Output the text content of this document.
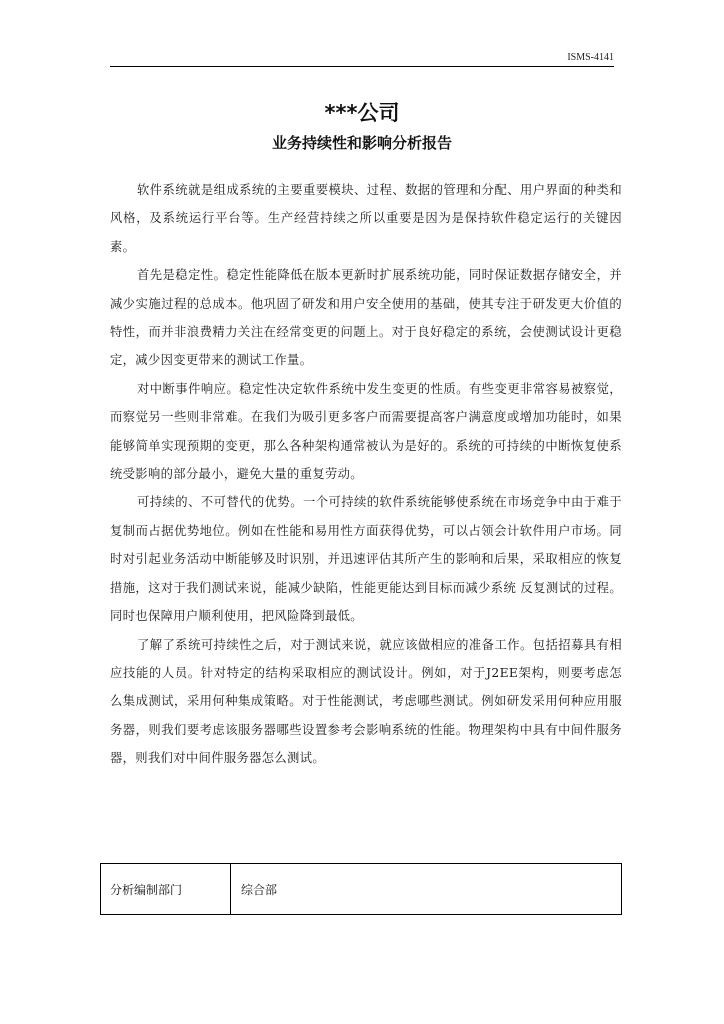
ISMS-4141
***公司
业务持续性和影响分析报告

软件系统就是组成系统的主要重要模块、过程、数据的管理和分配、用户界面的种类和风格，及系统运行平台等。生产经营持续之所以重要是因为是保持软件稳定运行的关键因素。

首先是稳定性。稳定性能降低在版本更新时扩展系统功能，同时保证数据存储安全，并减少实施过程的总成本。他巩固了研发和用户安全使用的基础，使其专注于研发更大价值的特性，而并非浪费精力关注在经常变更的问题上。对于良好稳定的系统，会使测试设计更稳定，减少因变更带来的测试工作量。

对中断事件响应。稳定性决定软件系统中发生变更的性质。有些变更非常容易被察觉，而察觉另一些则非常难。在我们为吸引更多客户而需要提高客户满意度或增加功能时，如果能够简单实现预期的变更，那么各种架构通常被认为是好的。系统的可持续的中断恢复使系统受影响的部分最小，避免大量的重复劳动。

可持续的、不可替代的优势。一个可持续的软件系统能够使系统在市场竞争中由于难于复制而占据优势地位。例如在性能和易用性方面获得优势，可以占领会计软件用户市场。同时对引起业务活动中断能够及时识别，并迅速评估其所产生的影响和后果，采取相应的恢复措施，这对于我们测试来说，能减少缺陷，性能更能达到目标而减少系统 反复测试的过程。同时也保障用户顺利使用，把风险降到最低。

了解了系统可持续性之后，对于测试来说，就应该做相应的准备工作。包括招募具有相应技能的人员。针对特定的结构采取相应的测试设计。例如，对于J2EE架构，则要考虑怎么集成测试，采用何种集成策略。对于性能测试，考虑哪些测试。例如研发采用何种应用服务器，则我们要考虑该服务器哪些设置参考会影响系统的性能。物理架构中具有中间件服务器，则我们对中间件服务器怎么测试。

分析编制部门	综合部
